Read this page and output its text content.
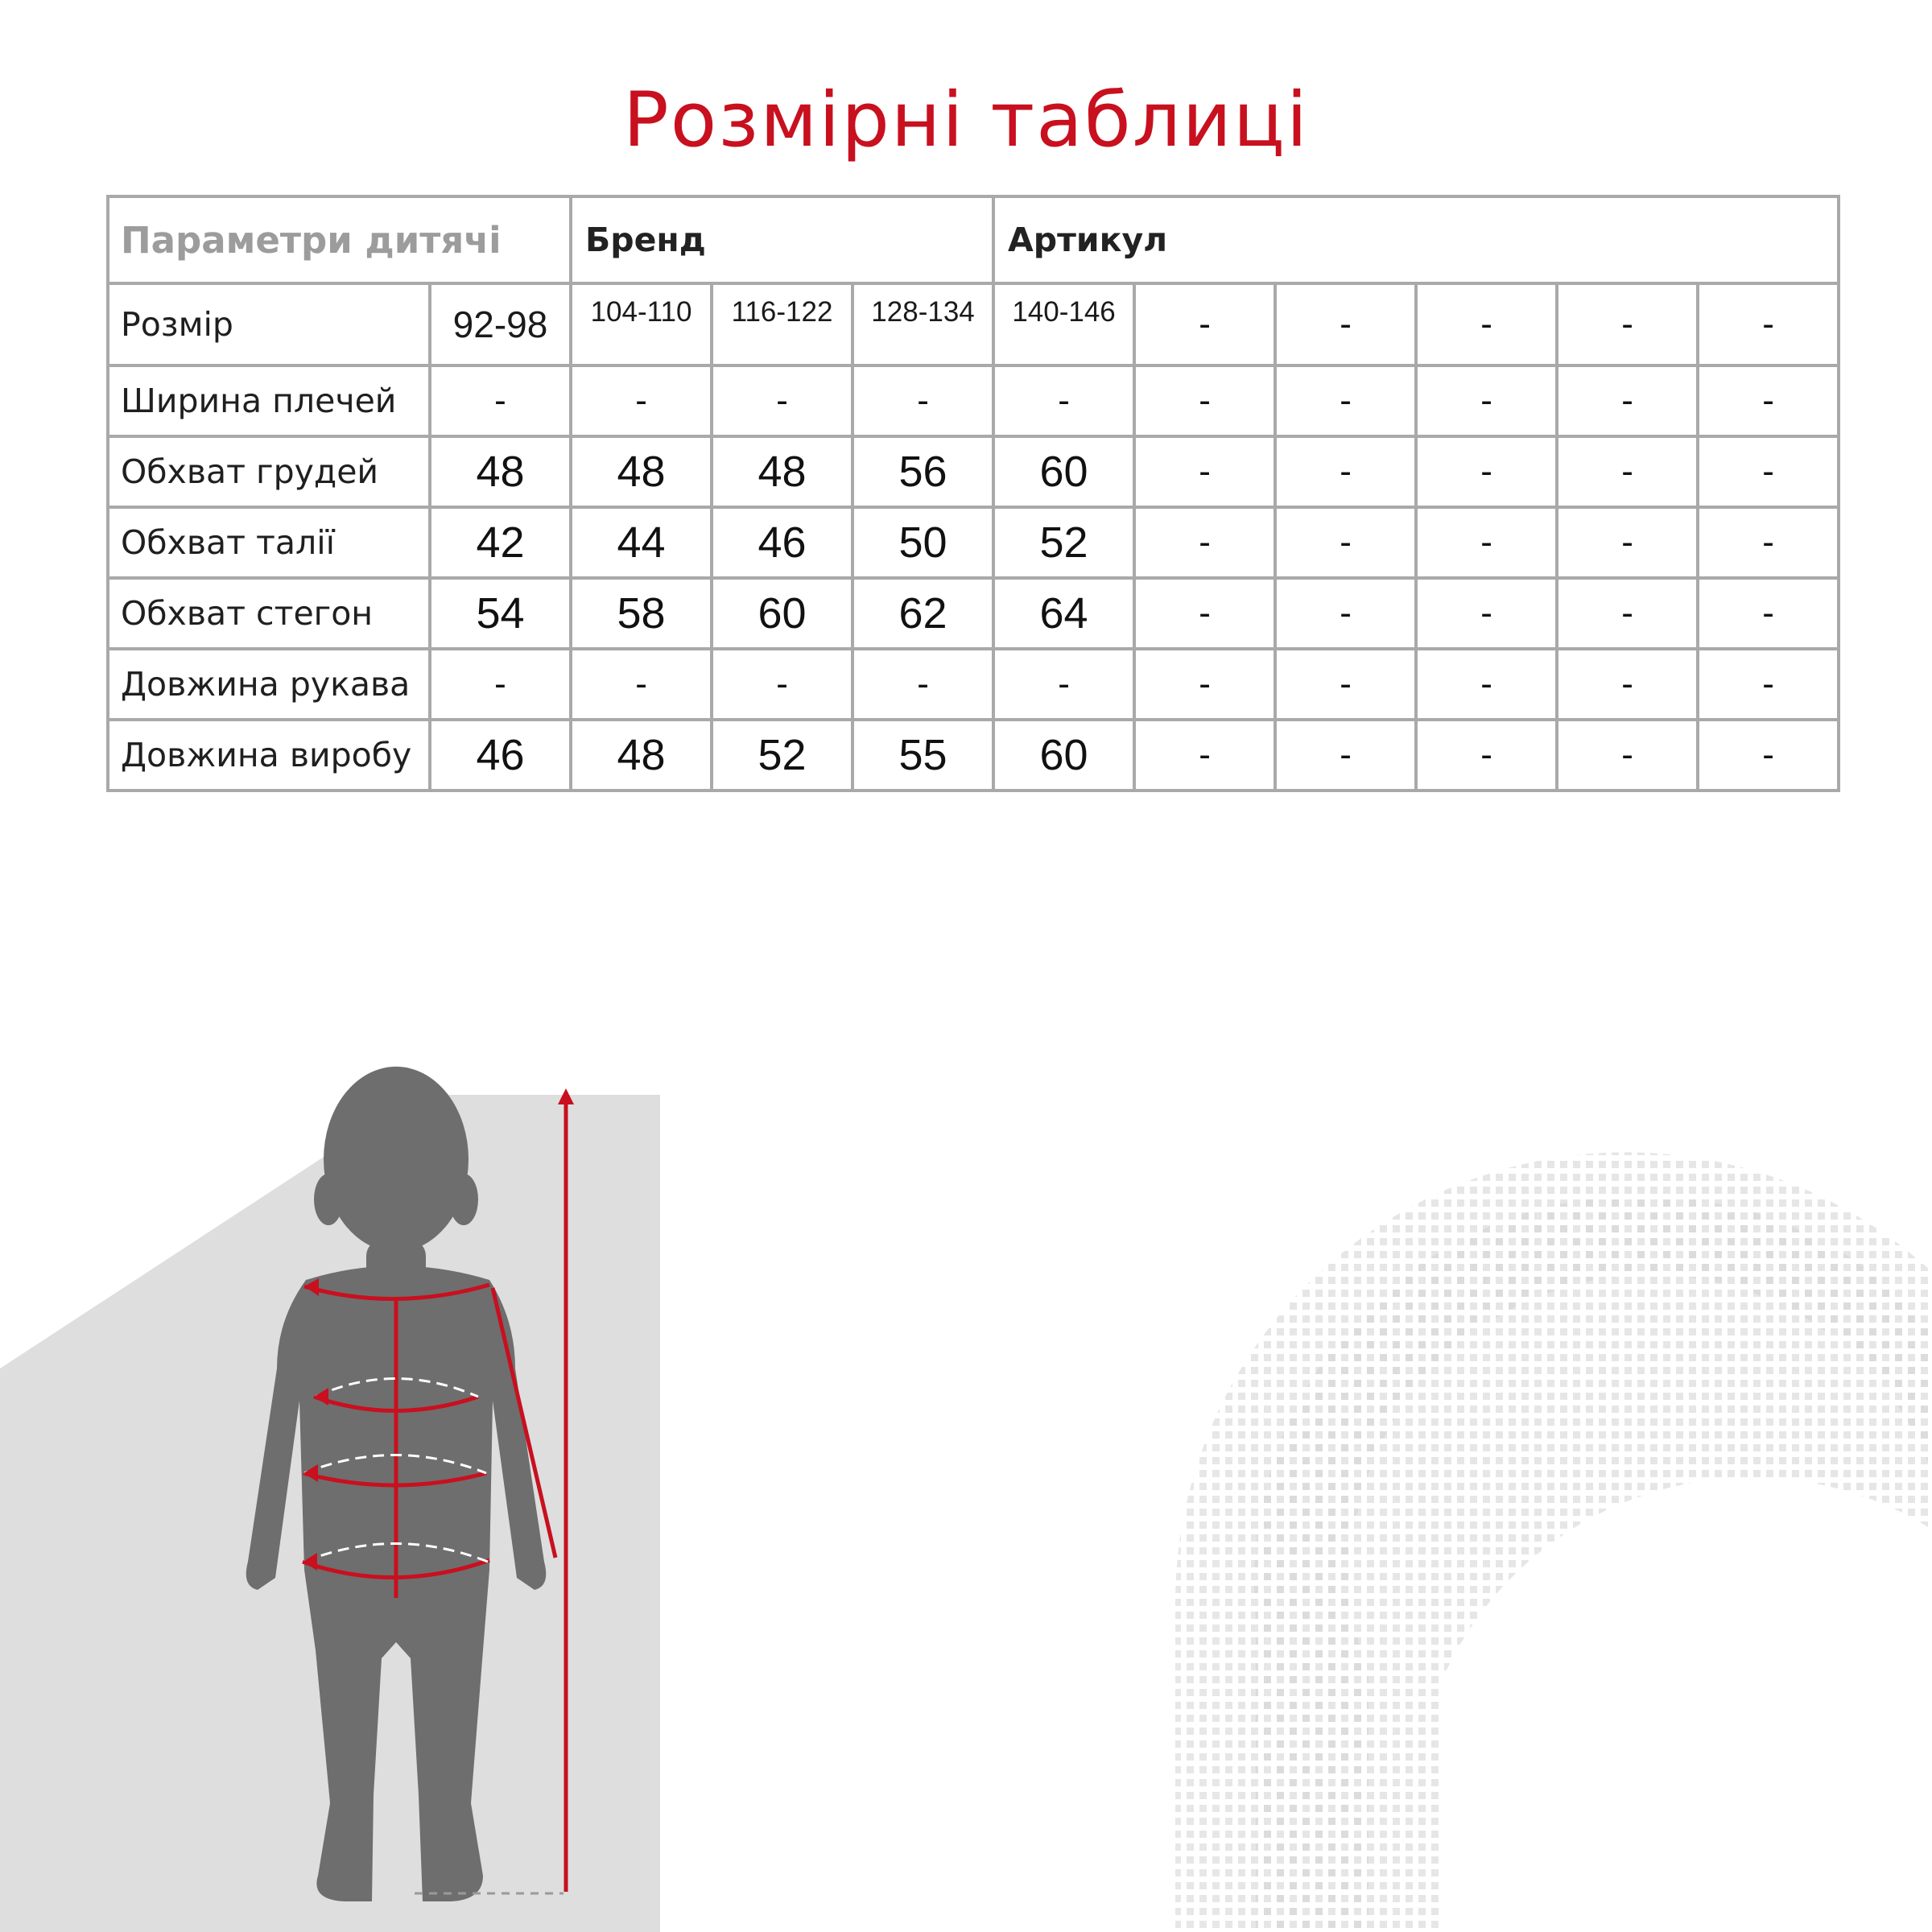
Розмірні таблиці
Параметри дитячі		Бренд			Артикул					
Розмір	92-98	104-110	116-122	128-134	140-146	-	-	-	-	-
Ширина плечей	-	-	-	-	-	-	-	-	-	-
Обхват грудей	48	48	48	56	60	-	-	-	-	-
Обхват талії	42	44	46	50	52	-	-	-	-	-
Обхват стегон	54	58	60	62	64	-	-	-	-	-
Довжина рукава	-	-	-	-	-	-	-	-	-	-
Довжина виробу	46	48	52	55	60	-	-	-	-	-
